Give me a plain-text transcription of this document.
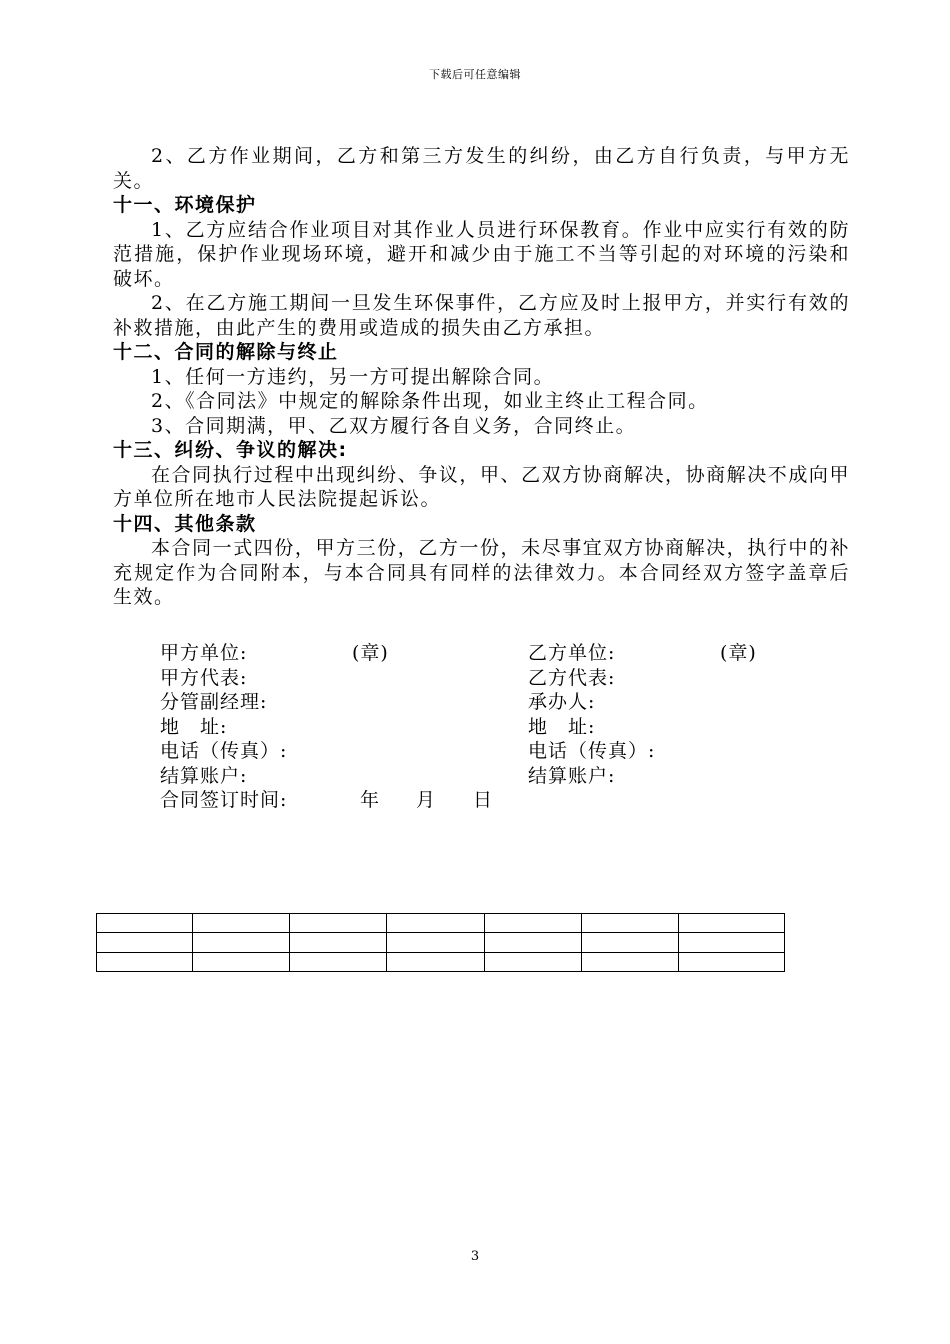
下载后可任意编辑

2、乙方作业期间，乙方和第三方发生的纠纷，由乙方自行负责，与甲方无关。

十一、环境保护

1、乙方应结合作业项目对其作业人员进行环保教育。作业中应实行有效的防范措施，保护作业现场环境，避开和减少由于施工不当等引起的对环境的污染和破坏。

2、在乙方施工期间一旦发生环保事件，乙方应及时上报甲方，并实行有效的补救措施，由此产生的费用或造成的损失由乙方承担。

十二、合同的解除与终止

1、任何一方违约，另一方可提出解除合同。

2、《合同法》中规定的解除条件出现，如业主终止工程合同。

3、合同期满，甲、乙双方履行各自义务，合同终止。

十三、纠纷、争议的解决:

在合同执行过程中出现纠纷、争议，甲、乙双方协商解决，协商解决不成向甲方单位所在地市人民法院提起诉讼。

十四、其他条款

本合同一式四份，甲方三份，乙方一份，未尽事宜双方协商解决，执行中的补充规定作为合同附本，与本合同具有同样的法律效力。本合同经双方签字盖章后生效。

甲方单位:	(章)	乙方单位:	(章)
甲方代表:	乙方代表:
分管副经理:	承办人:
地　址:	地　址:
电话（传真）:	电话（传真）:
结算账户:	结算账户:
合同签订时间:	年 月 日

3
